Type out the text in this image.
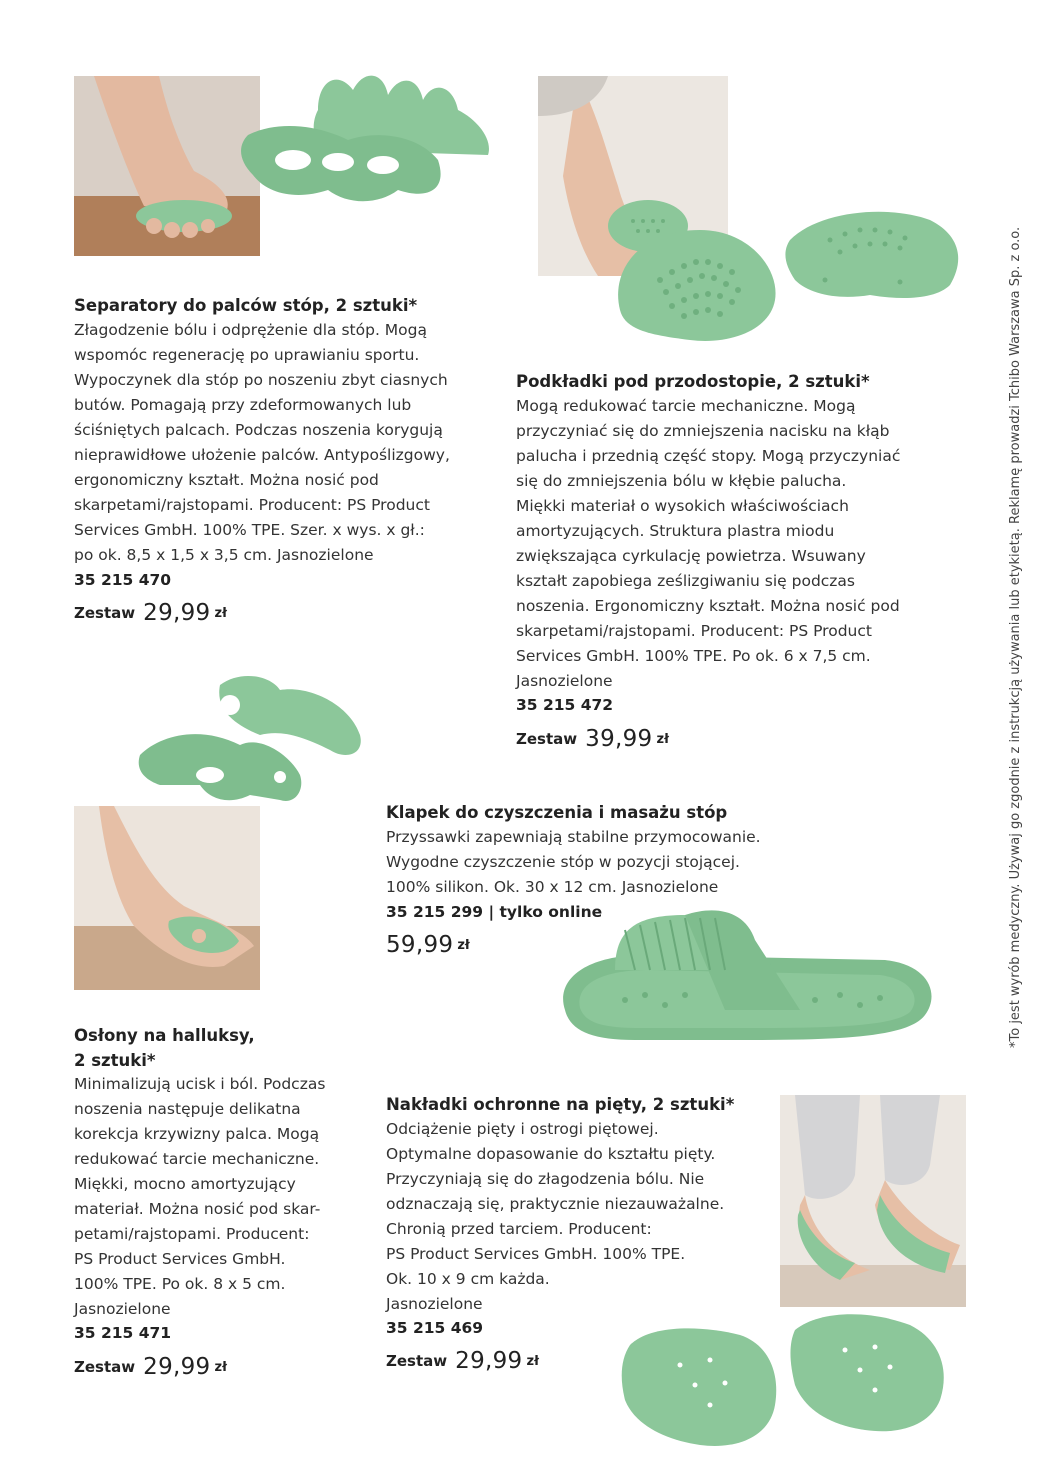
Separatory do palców stóp, 2 sztuki*
Złagodzenie bólu i odprężenie dla stóp. Mogą
wspomóc regenerację po uprawianiu sportu.
Wypoczynek dla stóp po noszeniu zbyt ciasnych
butów. Pomagają przy zdeformowanych lub
ściśniętych palcach. Podczas noszenia korygują
nieprawidłowe ułożenie palców. Antypoślizgowy,
ergonomiczny kształt. Można nosić pod
skarpetami/rajstopami. Producent: PS Product
Services GmbH. 100% TPE. Szer. x wys. x gł.:
po ok. 8,5 x 1,5 x 3,5 cm. Jasnozielone
35 215 470
Zestaw 29,99 zł
Podkładki pod przodostopie, 2 sztuki*
Mogą redukować tarcie mechaniczne. Mogą
przyczyniać się do zmniejszenia nacisku na kłąb
palucha i przednią część stopy. Mogą przyczyniać
się do zmniejszenia bólu w kłębie palucha.
Miękki materiał o wysokich właściwościach
amortyzujących. Struktura plastra miodu
zwiększająca cyrkulację powietrza. Wsuwany
kształt zapobiega ześlizgiwaniu się podczas
noszenia. Ergonomiczny kształt. Można nosić pod
skarpetami/rajstopami. Producent: PS Product
Services GmbH. 100% TPE. Po ok. 6 x 7,5 cm.
Jasnozielone
35 215 472
Zestaw 39,99 zł
Osłony na halluksy,
2 sztuki*
Minimalizują ucisk i ból. Podczas
noszenia następuje delikatna
korekcja krzywizny palca. Mogą
redukować tarcie mechaniczne.
Miękki, mocno amortyzujący
materiał. Można nosić pod skar-
petami/rajstopami. Producent:
PS Product Services GmbH.
100% TPE. Po ok. 8 x 5 cm.
Jasnozielone
35 215 471
Zestaw 29,99 zł
Klapek do czyszczenia i masażu stóp
Przyssawki zapewniają stabilne przymocowanie.
Wygodne czyszczenie stóp w pozycji stojącej.
100% silikon. Ok. 30 x 12 cm. Jasnozielone
35 215 299 | tylko online
59,99 zł
Nakładki ochronne na pięty, 2 sztuki*
Odciążenie pięty i ostrogi piętowej.
Optymalne dopasowanie do kształtu pięty.
Przyczyniają się do złagodzenia bólu. Nie
odznaczają się, praktycznie niezauważalne.
Chronią przed tarciem. Producent:
PS Product Services GmbH. 100% TPE.
Ok. 10 x 9 cm każda.
Jasnozielone
35 215 469
Zestaw 29,99 zł
*To jest wyrób medyczny. Używaj go zgodnie z instrukcją używania lub etykietą. Reklamę prowadzi Tchibo Warszawa Sp. z o.o.
